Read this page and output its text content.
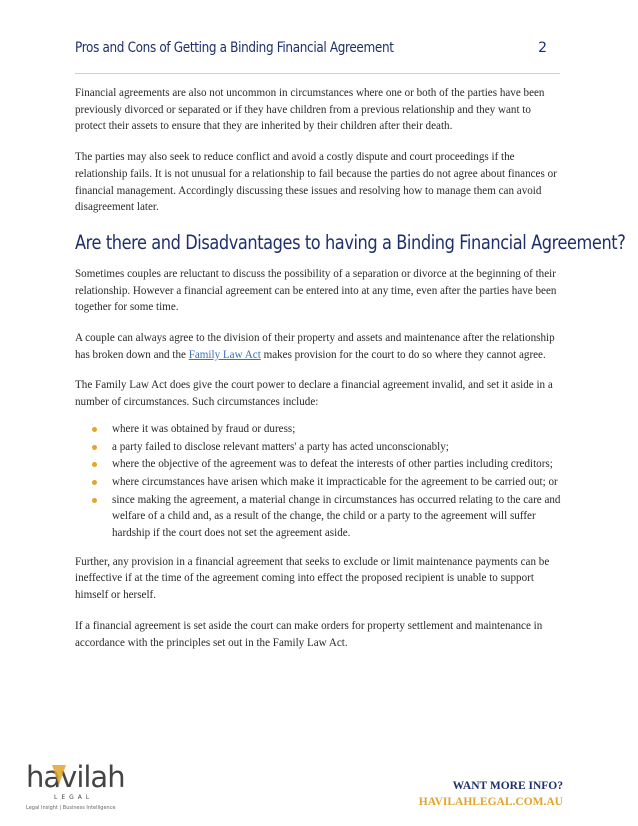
Pros and Cons of Getting a Binding Financial Agreement	2

Financial agreements are also not uncommon in circumstances where one or both of the parties have been previously divorced or separated or if they have children from a previous relationship and they want to protect their assets to ensure that they are inherited by their children after their death.

The parties may also seek to reduce conflict and avoid a costly dispute and court proceedings if the relationship fails. It is not unusual for a relationship to fail because the parties do not agree about finances or financial management. Accordingly discussing these issues and resolving how to manage them can avoid disagreement later.

Are there and Disadvantages to having a Binding Financial Agreement?

Sometimes couples are reluctant to discuss the possibility of a separation or divorce at the beginning of their relationship. However a financial agreement can be entered into at any time, even after the parties have been together for some time.

A couple can always agree to the division of their property and assets and maintenance after the relationship has broken down and the Family Law Act makes provision for the court to do so where they cannot agree.

The Family Law Act does give the court power to declare a financial agreement invalid, and set it aside in a number of circumstances. Such circumstances include:

where it was obtained by fraud or duress;
a party failed to disclose relevant matters' a party has acted unconscionably;
where the objective of the agreement was to defeat the interests of other parties including creditors;
where circumstances have arisen which make it impracticable for the agreement to be carried out; or
since making the agreement, a material change in circumstances has occurred relating to the care and welfare of a child and, as a result of the change, the child or a party to the agreement will suffer hardship if the court does not set the agreement aside.

Further, any provision in a financial agreement that seeks to exclude or limit maintenance payments can be ineffective if at the time of the agreement coming into effect the proposed recipient is unable to support himself or herself.

If a financial agreement is set aside the court can make orders for property settlement and maintenance in accordance with the principles set out in the Family Law Act.

havilah
LEGAL
Legal Insight | Business Intelligence
WANT MORE INFO?
HAVILAHLEGAL.COM.AU
